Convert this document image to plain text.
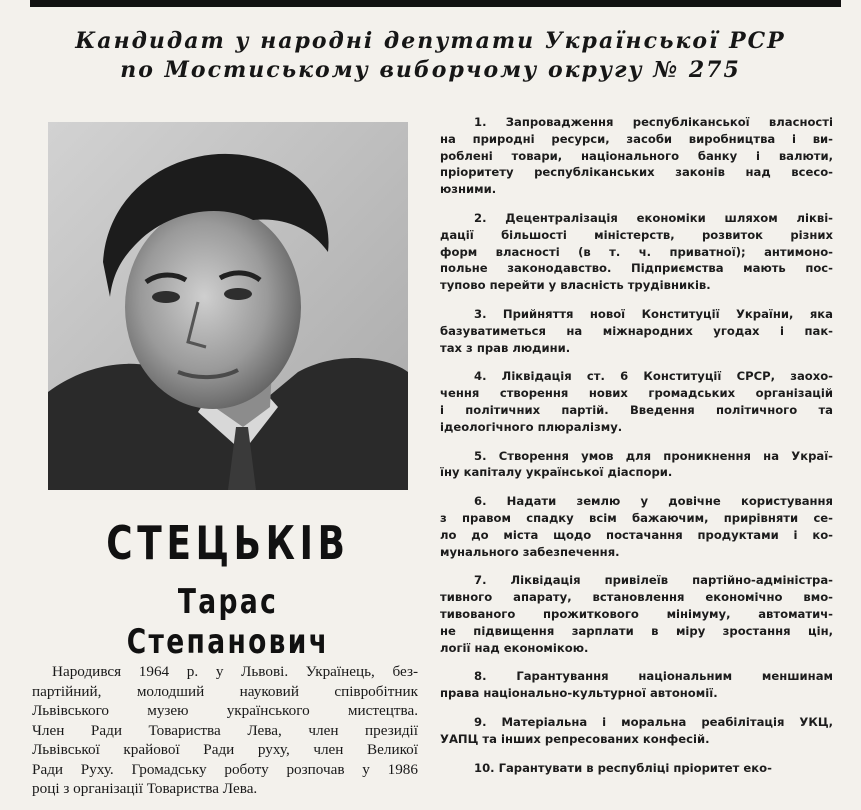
Кандидат у народні депутати Української РСР
по Мостиському виборчому округу № 275
СТЕЦЬКІВ
Тарас Степанович
Народився 1964 р. у Львові. Українець, без-
партійний, молодший науковий співробітник
Львівського музею українського мистецтва.
Член Ради Товариства Лева, член президії
Львівської крайової Ради руху, член Великої
Ради Руху. Громадську роботу розпочав у 1986
році з організації Товариства Лева.
1. Запровадження республіканської власності
на природні ресурси, засоби виробництва і ви-
роблені товари, національного банку і валюти,
пріоритету республіканських законів над всесо-
юзними.
2. Децентралізація економіки шляхом ліквi-
дації більшості міністерств, розвиток різних
форм власності (в т. ч. приватної); антимоно-
польне законодавство. Підприємства мають пос-
тупово перейти у власність трудівників.
3. Прийняття нової Конституції України, яка
базуватиметься на міжнародних угодах і пак-
тах з прав людини.
4. Ліквідація ст. 6 Конституції СРСР, заохо-
чення створення нових громадських організацій
і політичних партій. Введення політичного та
ідеологічного плюралізму.
5. Створення умов для проникнення на Украї-
їну капіталу української діаспори.
6. Надати землю у довічне користування
з правом спадку всім бажаючим, прирівняти се-
ло до міста щодо постачання продуктами і ко-
мунального забезпечення.
7. Ліквідація привілеїв партійно-адміністра-
тивного апарату, встановлення економічно вмо-
тивованого прожиткового мінімуму, автоматич-
не підвищення зарплати в міру зростання цін,
логії над економікою.
8. Гарантування національним меншинам
права національно-культурної автономії.
9. Матеріальна і моральна реабілітація УКЦ,
УАПЦ та інших репресованих конфесій.
10. Гарантувати в республіці пріоритет еко-
